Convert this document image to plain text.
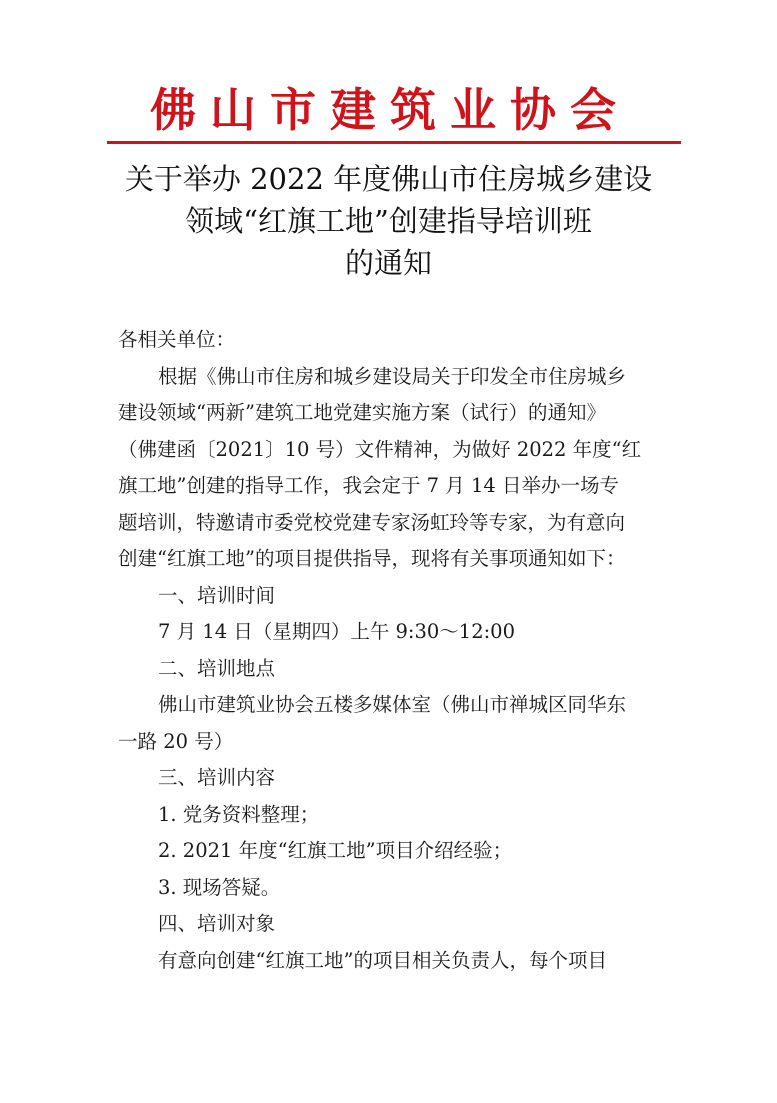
佛山市建筑业协会
关于举办 2022 年度佛山市住房城乡建设
领域“红旗工地”创建指导培训班
的通知
各相关单位：
根据《佛山市住房和城乡建设局关于印发全市住房城乡
建设领域“两新”建筑工地党建实施方案（试行）的通知》
（佛建函〔2021〕10 号）文件精神，为做好 2022 年度“红
旗工地”创建的指导工作，我会定于 7 月 14 日举办一场专
题培训，特邀请市委党校党建专家汤虹玲等专家，为有意向
创建“红旗工地”的项目提供指导，现将有关事项通知如下：
一、培训时间
7 月 14 日（星期四）上午 9:30～12:00
二、培训地点
佛山市建筑业协会五楼多媒体室（佛山市禅城区同华东
一路 20 号）
三、培训内容
1. 党务资料整理；
2. 2021 年度“红旗工地”项目介绍经验；
3. 现场答疑。
四、培训对象
有意向创建“红旗工地”的项目相关负责人，每个项目
